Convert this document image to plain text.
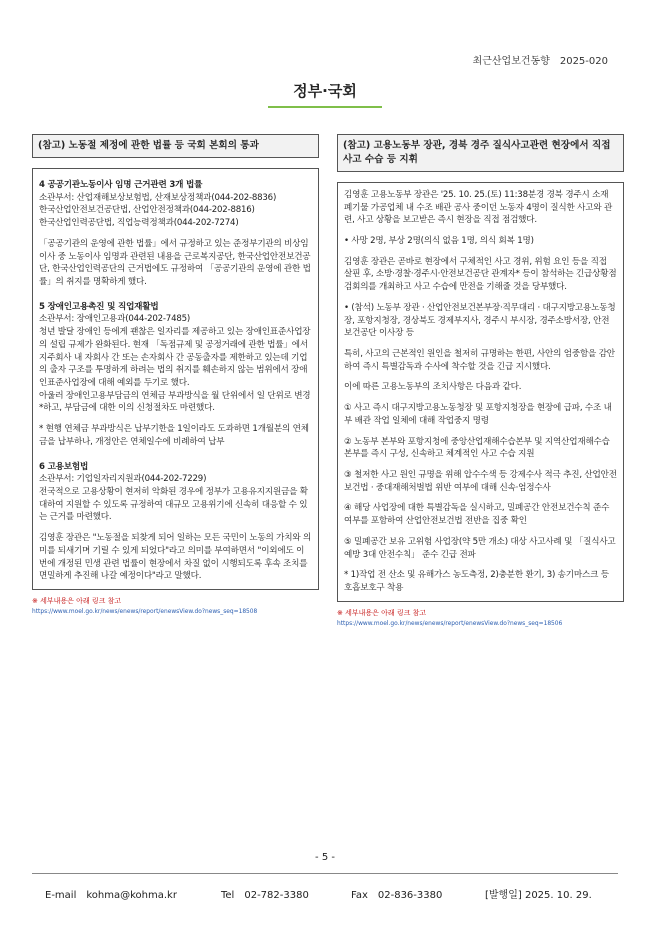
최근산업보건동향　2025-020
정부·국회
(참고) 노동절 제정에 관한 법률 등 국회 본회의 통과

4 공공기관노동이사 임명 근거관련 3개 법률

소관부서: 산업재해보상보험법, 산재보상정책과(044-202-8836)

한국산업안전보건공단법, 산업안전정책과(044-202-8816)

한국산업인력공단법, 직업능력정책과(044-202-7274)

「공공기관의 운영에 관한 법률」에서 규정하고 있는 준정부기관의 비상임이사 중 노동이사 임명과 관련된 내용을 근로복지공단, 한국산업안전보건공단, 한국산업인력공단의 근거법에도 규정하여 「공공기관의 운영에 관한 법률」의 취지를 명확하게 했다.

5 장애인고용촉진 및 직업재활법

소관부서: 장애인고용과(044-202-7485)

청년 발달 장애인 등에게 괜찮은 일자리를 제공하고 있는 장애인표준사업장의 설립 규제가 완화된다. 현재 「독점규제 및 공정거래에 관한 법률」에서 지주회사 내 자회사 간 또는 손자회사 간 공동출자를 제한하고 있는데 기업의 출자 구조를 투명하게 하려는 법의 취지를 훼손하지 않는 범위에서 장애인표준사업장에 대해 예외를 두기로 했다.

아울러 장애인고용부담금의 연체금 부과방식을 월 단위에서 일 단위로 변경*하고, 부담금에 대한 이의 신청절차도 마련했다.

* 현행 연체금 부과방식은 납부기한을 1일이라도 도과하면 1개월분의 연체금을 납부하나, 개정안은 연체일수에 비례하여 납부

6 고용보험법

소관부서: 기업일자리지원과(044-202-7229)

전국적으로 고용상황이 현저히 악화된 경우에 정부가 고용유지지원금을 확대하여 지원할 수 있도록 규정하여 대규모 고용위기에 신속히 대응할 수 있는 근거를 마련했다.

김영훈 장관은 "노동절을 되찾게 되어 일하는 모든 국민이 노동의 가치와 의미를 되새기며 기릴 수 있게 되었다"라고 의미를 부여하면서 "이외에도 이번에 개정된 민생 관련 법률이 현장에서 차질 없이 시행되도록 후속 조치를 면밀하게 추진해 나갈 예정이다"라고 말했다.

※ 세부내용은 아래 링크 참고
https://www.moel.go.kr/news/enews/report/enewsView.do?news_seq=18508
(참고) 고용노동부 장관, 경북 경주 질식사고관련 현장에서 직접 사고 수습 등 지휘

김영훈 고용노동부 장관은 '25. 10. 25.(토) 11:38분경 경북 경주시 소재 폐기물 가공업체 내 수조 배관 공사 중이던 노동자 4명이 질식한 사고와 관련, 사고 상황을 보고받은 즉시 현장을 직접 점검했다.

• 사망 2명, 부상 2명(의식 없음 1명, 의식 회복 1명)

김영훈 장관은 곧바로 현장에서 구체적인 사고 경위, 위험 요인 등을 직접 살핀 후, 소방·경찰·경주시·안전보건공단 관계자* 등이 참석하는 긴급상황점검회의를 개최하고 사고 수습에 만전을 기해줄 것을 당부했다.

• (참석) 노동부 장관 · 산업안전보건본부장·직무대리 · 대구지방고용노동청장, 포항지청장, 경상북도 경제부지사, 경주시 부시장, 경주소방서장, 안전보건공단 이사장 등

특히, 사고의 근본적인 원인을 철저히 규명하는 한편, 사안의 엄중함을 감안하여 즉시 특별감독과 수사에 착수할 것을 긴급 지시했다.

이에 따른 고용노동부의 조치사항은 다음과 같다.

① 사고 즉시 대구지방고용노동청장 및 포항지청장을 현장에 급파, 수조 내부 배관 작업 일체에 대해 작업중지 명령

② 노동부 본부와 포항지청에 중앙산업재해수습본부 및 지역산업재해수습본부를 즉시 구성, 신속하고 체계적인 사고 수습 지원

③ 철저한 사고 원인 규명을 위해 압수수색 등 강제수사 적극 추진, 산업안전보건법 · 중대재해처벌법 위반 여부에 대해 신속·엄정수사

④ 해당 사업장에 대한 특별감독을 실시하고, 밀폐공간 안전보건수칙 준수 여부를 포함하여 산업안전보건법 전반을 집중 확인

⑤ 밀폐공간 보유 고위험 사업장(약 5만 개소) 대상 사고사례 및 「질식사고 예방 3대 안전수칙」 준수 긴급 전파

* 1)작업 전 산소 및 유해가스 농도측정, 2)충분한 환기, 3) 송기마스크 등 호흡보호구 착용

※ 세부내용은 아래 링크 참고
https://www.moel.go.kr/news/enews/report/enewsView.do?news_seq=18506
- 5 -
E-mail　kohma@kohma.kr	Tel　02-782-3380	Fax　02-836-3380	[발행일] 2025. 10. 29.
